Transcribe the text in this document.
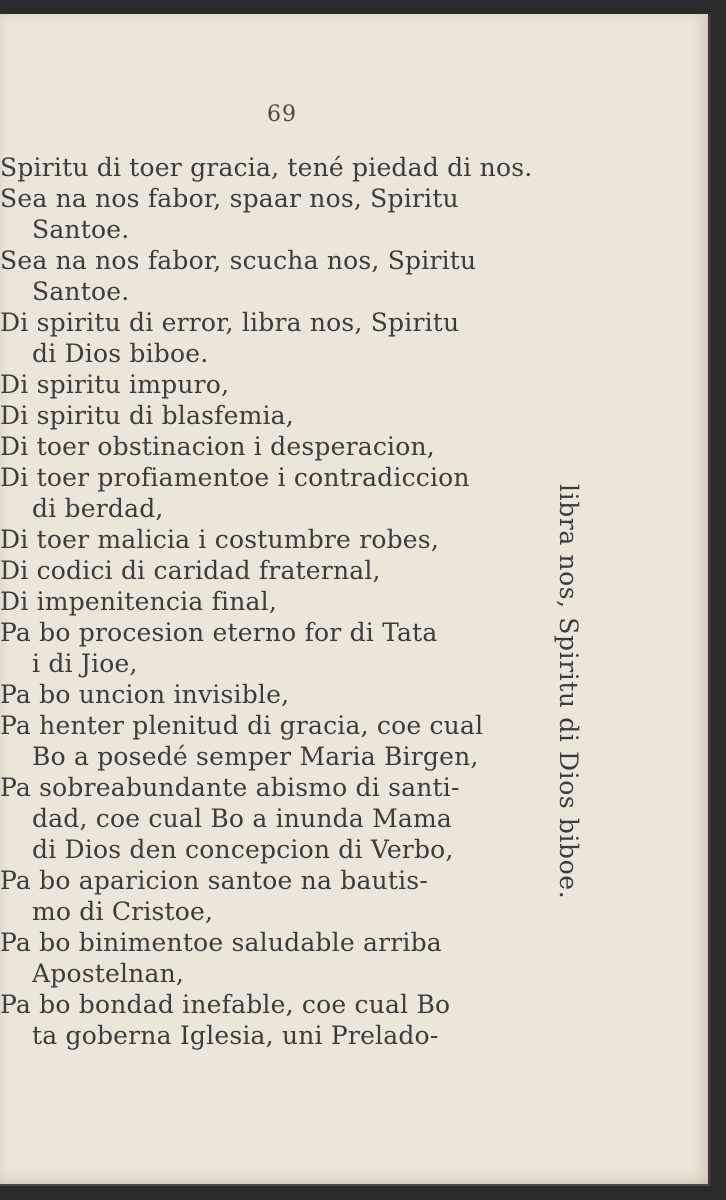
69
Spiritu di toer gracia, tené piedad di nos.
Sea na nos fabor, spaar nos, Spiritu
Santoe.
Sea na nos fabor, scucha nos, Spiritu
Santoe.
Di spiritu di error, libra nos, Spiritu
di Dios biboe.
Di spiritu impuro,
Di spiritu di blasfemia,
Di toer obstinacion i desperacion,
Di toer profiamentoe i contradiccion
di berdad,
Di toer malicia i costumbre robes,
Di codici di caridad fraternal,
Di impenitencia final,
Pa bo procesion eterno for di Tata
i di Jioe,
Pa bo uncion invisible,
Pa henter plenitud di gracia, coe cual
Bo a posedé semper Maria Birgen,
Pa sobreabundante abismo di santi-
dad, coe cual Bo a inunda Mama
di Dios den concepcion di Verbo,
Pa bo aparicion santoe na bautis-
mo di Cristoe,
Pa bo binimentoe saludable arriba
Apostelnan,
Pa bo bondad inefable, coe cual Bo
ta goberna Iglesia, uni Prelado-
libra nos, Spiritu di Dios biboe.
